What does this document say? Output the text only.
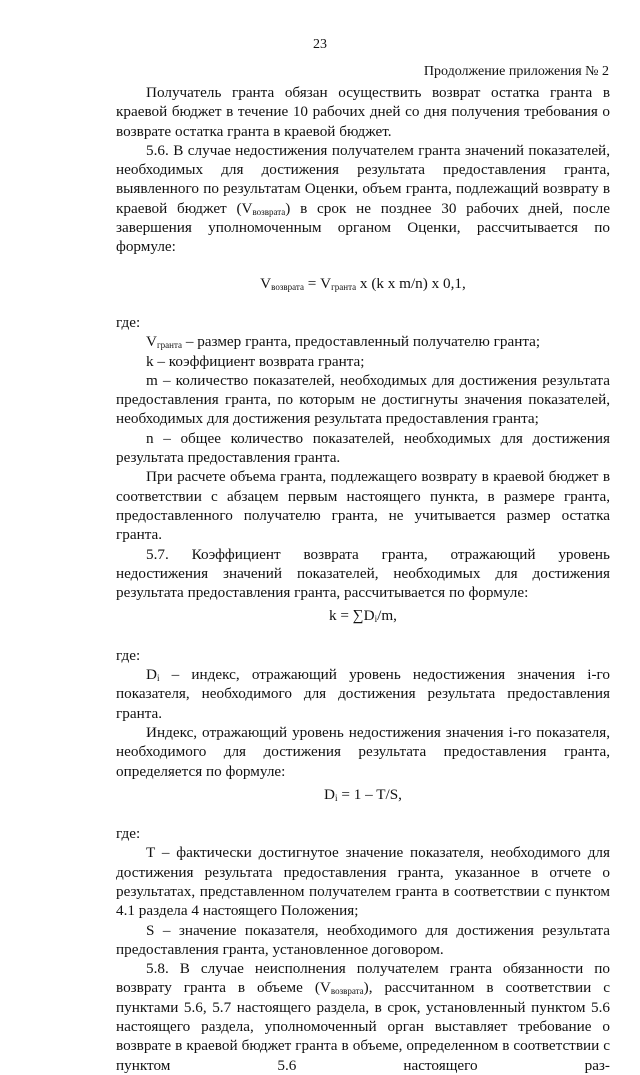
23
Продолжение приложения № 2

Получатель гранта обязан осуществить возврат остатка гранта в краевой бюджет в течение 10 рабочих дней со дня получения требования о возврате остатка гранта в краевой бюджет.

5.6. В случае недостижения получателем гранта значений показателей, необходимых для достижения результата предоставления гранта, выявленного по результатам Оценки, объем гранта, подлежащий возврату в краевой бюджет $(V_{возврата})$ в срок не позднее 30 рабочих дней, после завершения уполномоченным органом Оценки, рассчитывается по формуле:

$V_{возврата} = V_{гранта}$ x (k x m/n) x 0,1,

где:

$V_{гранта}$ – размер гранта, предоставленный получателю гранта;

k – коэффициент возврата гранта;

m – количество показателей, необходимых для достижения результата предоставления гранта, по которым не достигнуты значения показателей, необходимых для достижения результата предоставления гранта;

n – общее количество показателей, необходимых для достижения результата предоставления гранта.

При расчете объема гранта, подлежащего возврату в краевой бюджет в соответствии с абзацем первым настоящего пункта, в размере гранта, предоставленного получателю гранта, не учитывается размер остатка гранта.

5.7. Коэффициент возврата гранта, отражающий уровень недостижения значений показателей, необходимых для достижения результата предоставления гранта, рассчитывается по формуле:

$k = \sum D_i/m$,

где:

$D_i$ – индекс, отражающий уровень недостижения значения i-го показателя, необходимого для достижения результата предоставления гранта.

Индекс, отражающий уровень недостижения значения i-го показателя, необходимого для достижения результата предоставления гранта, определяется по формуле:

$D_i = 1 - T/S$,

где:

T – фактически достигнутое значение показателя, необходимого для достижения результата предоставления гранта, указанное в отчете о результатах, представленном получателем гранта в соответствии с пунктом 4.1 раздела 4 настоящего Положения;

S – значение показателя, необходимого для достижения результата предоставления гранта, установленное договором.

5.8. В случае неисполнения получателем гранта обязанности по возврату гранта в объеме $(V_{возврата})$, рассчитанном в соответствии с пунктами 5.6, 5.7 настоящего раздела, в срок, установленный пунктом 5.6 настоящего раздела, уполномоченный орган выставляет требование о возврате в краевой бюджет гранта в объеме, определенном в соответствии с пунктом 5.6 настоящего раз-
